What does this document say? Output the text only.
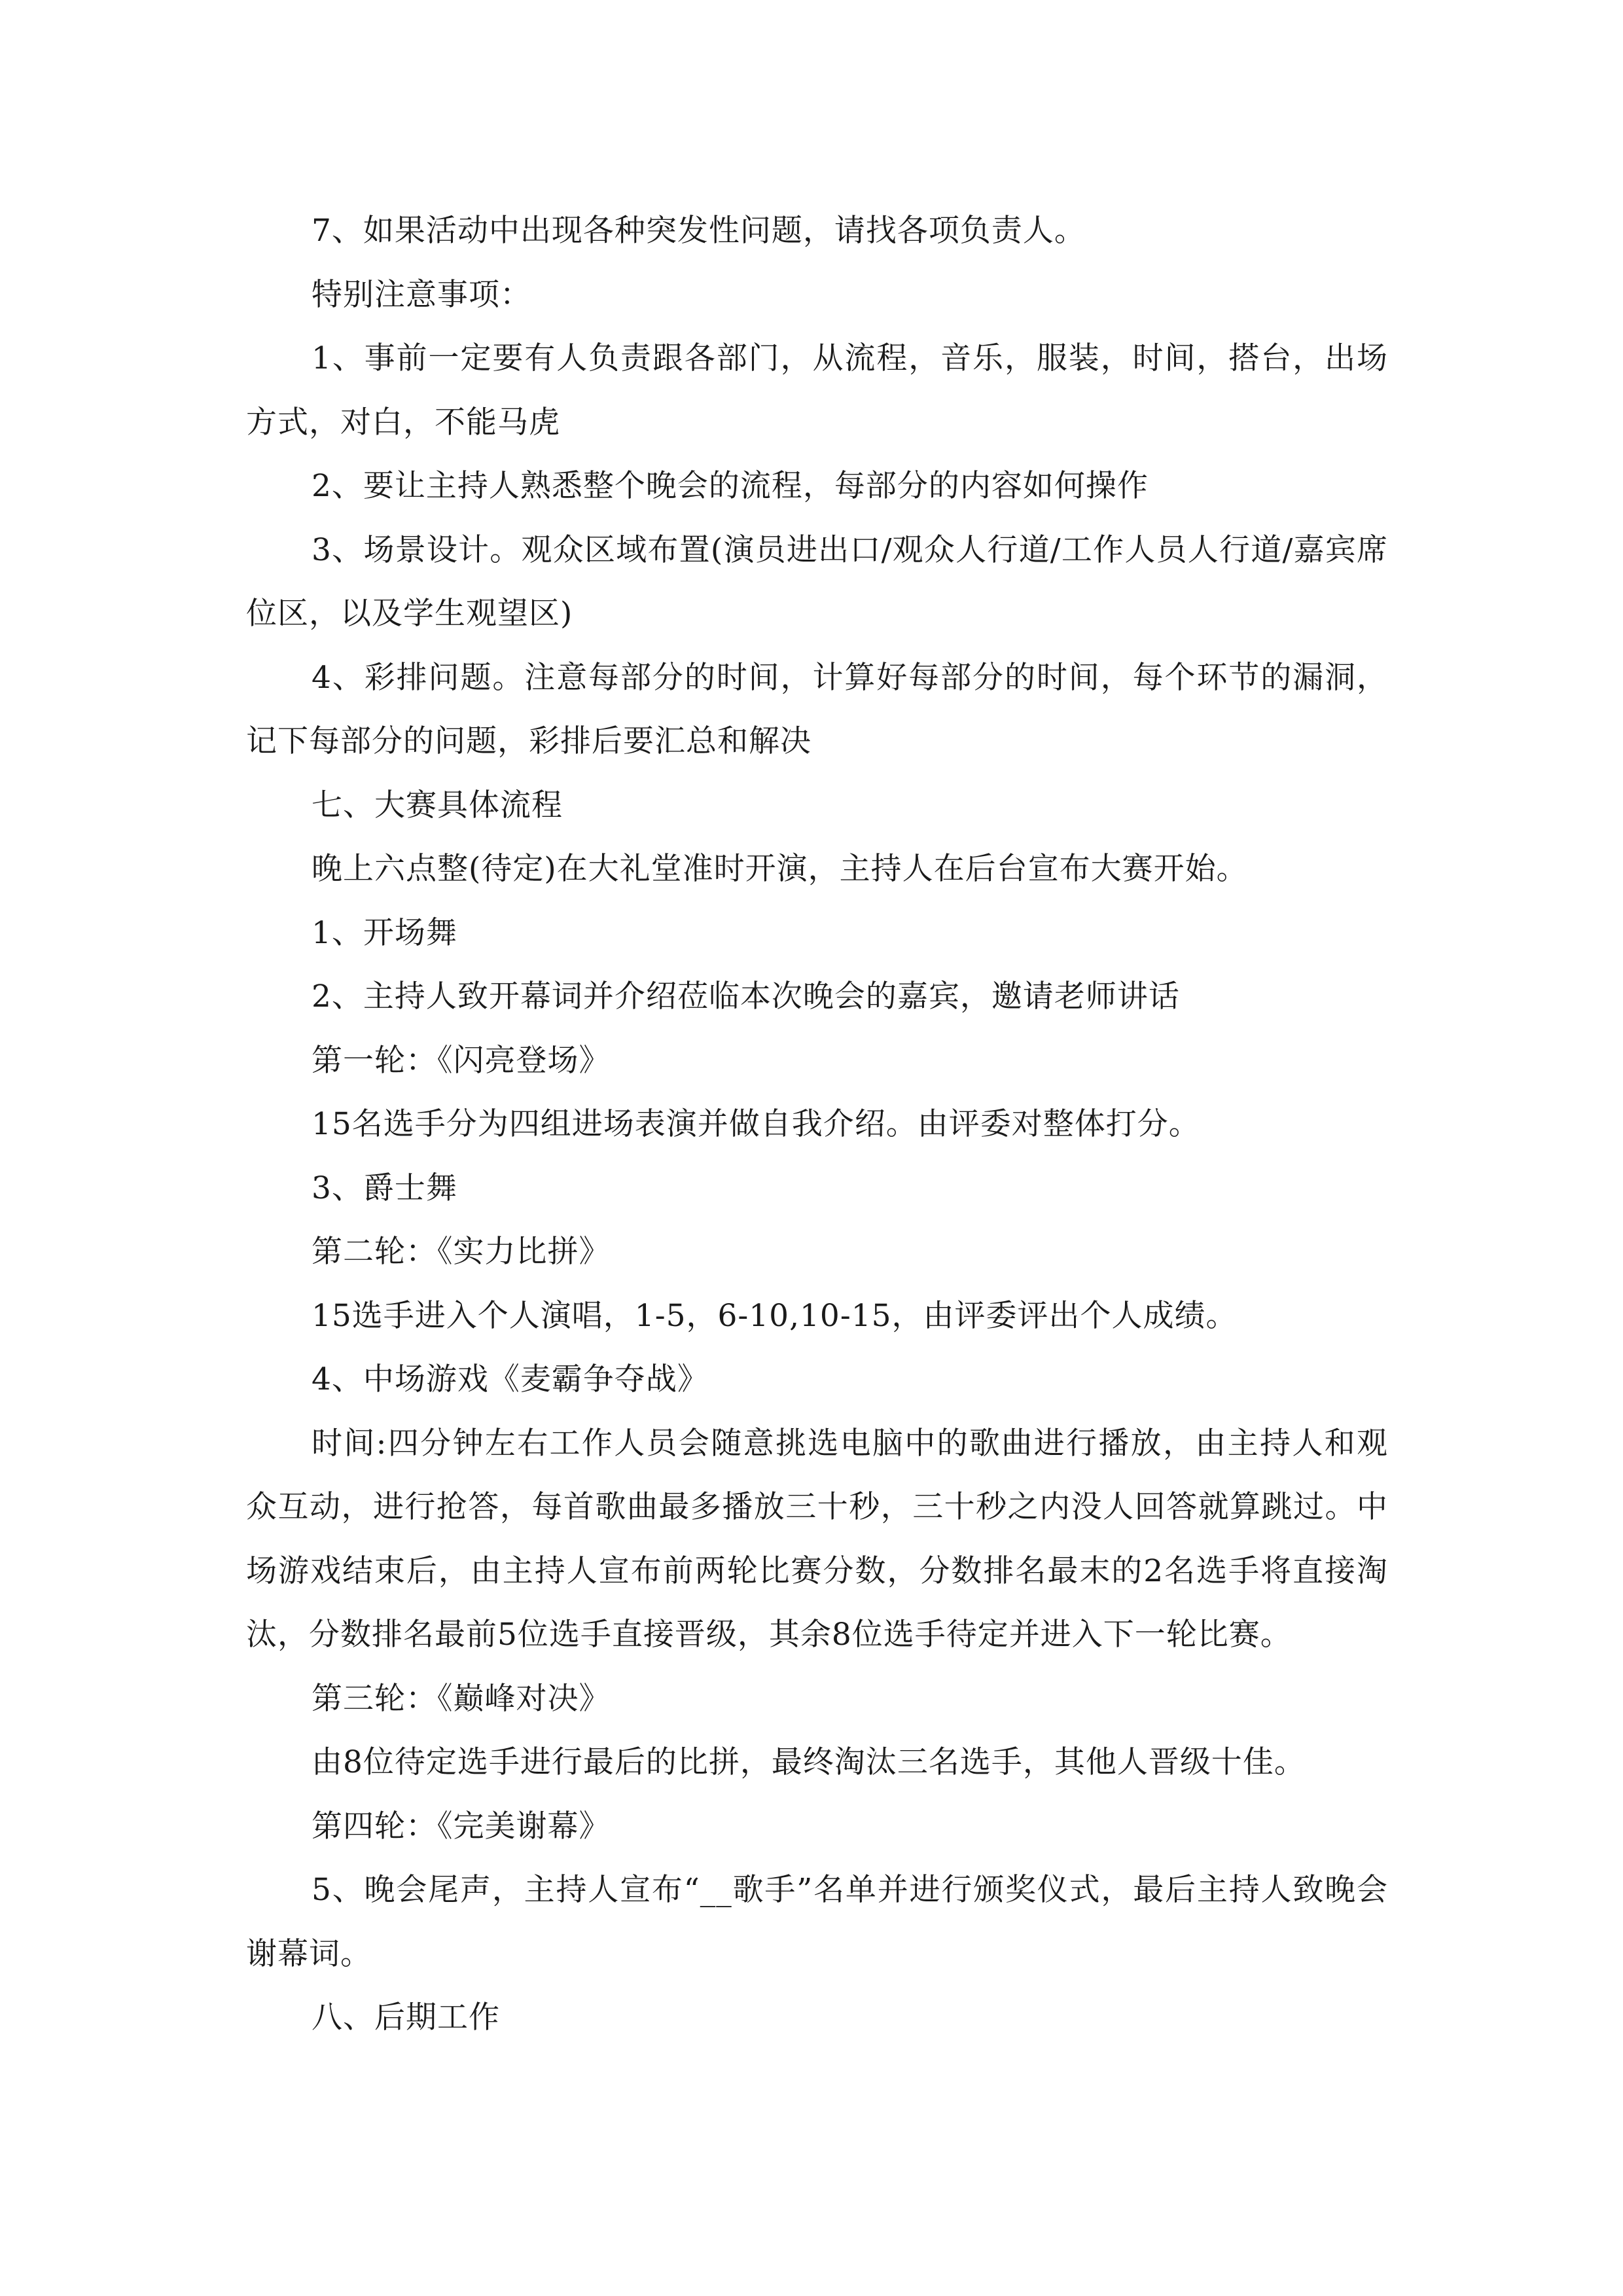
7、如果活动中出现各种突发性问题，请找各项负责人。

特别注意事项：

1、事前一定要有人负责跟各部门，从流程，音乐，服装，时间，搭台，出场方式，对白，不能马虎

2、要让主持人熟悉整个晚会的流程，每部分的内容如何操作

3、场景设计。观众区域布置(演员进出口/观众人行道/工作人员人行道/嘉宾席位区，以及学生观望区)

4、彩排问题。注意每部分的时间，计算好每部分的时间，每个环节的漏洞，记下每部分的问题，彩排后要汇总和解决

七、大赛具体流程

晚上六点整(待定)在大礼堂准时开演，主持人在后台宣布大赛开始。

1、开场舞

2、主持人致开幕词并介绍莅临本次晚会的嘉宾，邀请老师讲话

第一轮：《闪亮登场》

15名选手分为四组进场表演并做自我介绍。由评委对整体打分。

3、爵士舞

第二轮：《实力比拼》

15选手进入个人演唱，1-5，6-10,10-15，由评委评出个人成绩。

4、中场游戏《麦霸争夺战》

时间:四分钟左右工作人员会随意挑选电脑中的歌曲进行播放，由主持人和观众互动，进行抢答，每首歌曲最多播放三十秒，三十秒之内没人回答就算跳过。中场游戏结束后，由主持人宣布前两轮比赛分数，分数排名最末的2名选手将直接淘汰，分数排名最前5位选手直接晋级，其余8位选手待定并进入下一轮比赛。

第三轮：《巅峰对决》

由8位待定选手进行最后的比拼，最终淘汰三名选手，其他人晋级十佳。

第四轮：《完美谢幕》

5、晚会尾声，主持人宣布“__歌手”名单并进行颁奖仪式，最后主持人致晚会谢幕词。

八、后期工作
